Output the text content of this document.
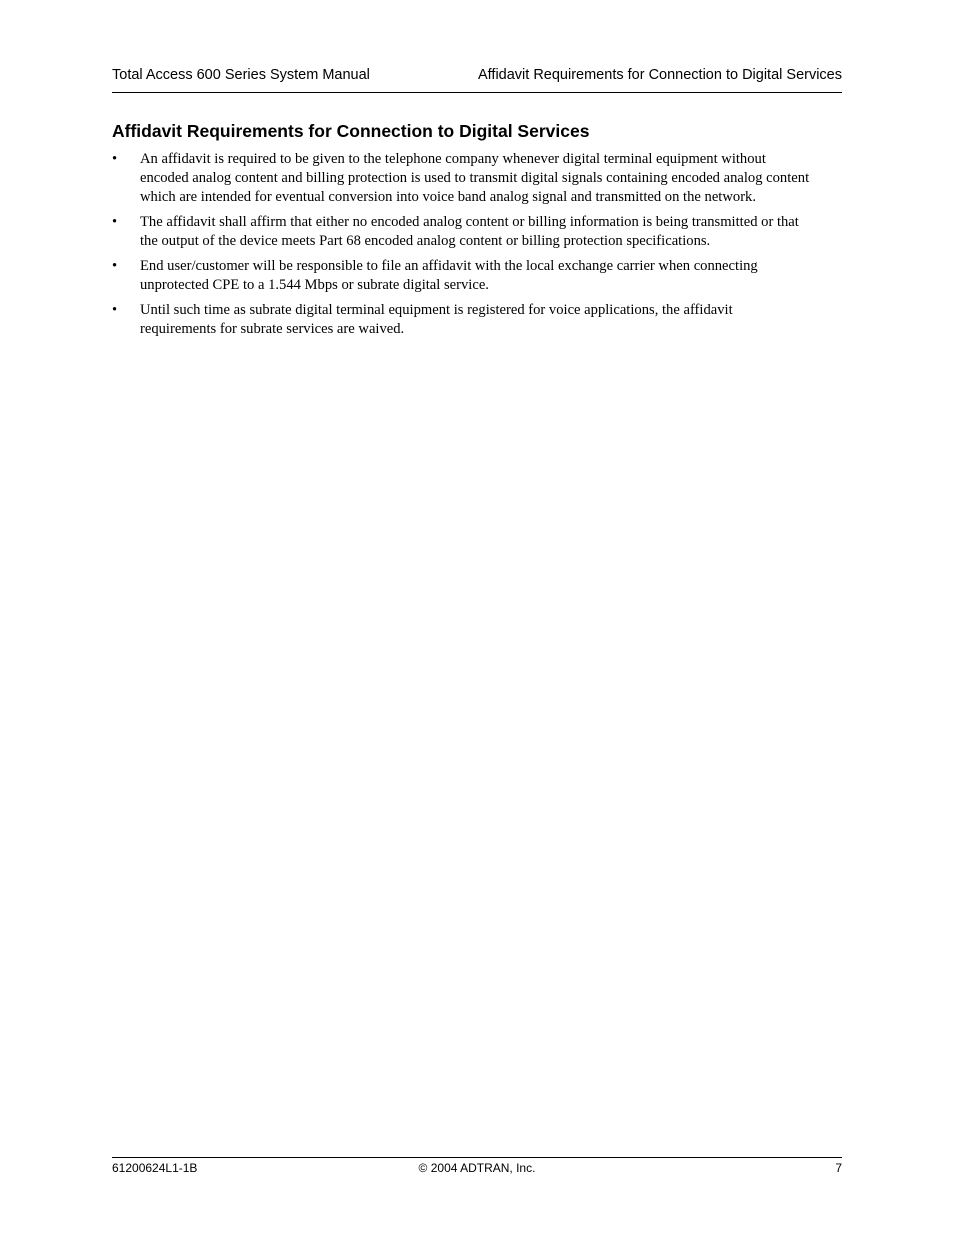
Total Access 600 Series System Manual	Affidavit Requirements for Connection to Digital Services
Affidavit Requirements for Connection to Digital Services
• An affidavit is required to be given to the telephone company whenever digital terminal equipment without
encoded analog content and billing protection is used to transmit digital signals containing encoded analog content
which are intended for eventual conversion into voice band analog signal and transmitted on the network.
• The affidavit shall affirm that either no encoded analog content or billing information is being transmitted or that
the output of the device meets Part 68 encoded analog content or billing protection specifications.
• End user/customer will be responsible to file an affidavit with the local exchange carrier when connecting
unprotected CPE to a 1.544 Mbps or subrate digital service.
• Until such time as subrate digital terminal equipment is registered for voice applications, the affidavit
requirements for subrate services are waived.
61200624L1-1B	© 2004 ADTRAN, Inc.	7
